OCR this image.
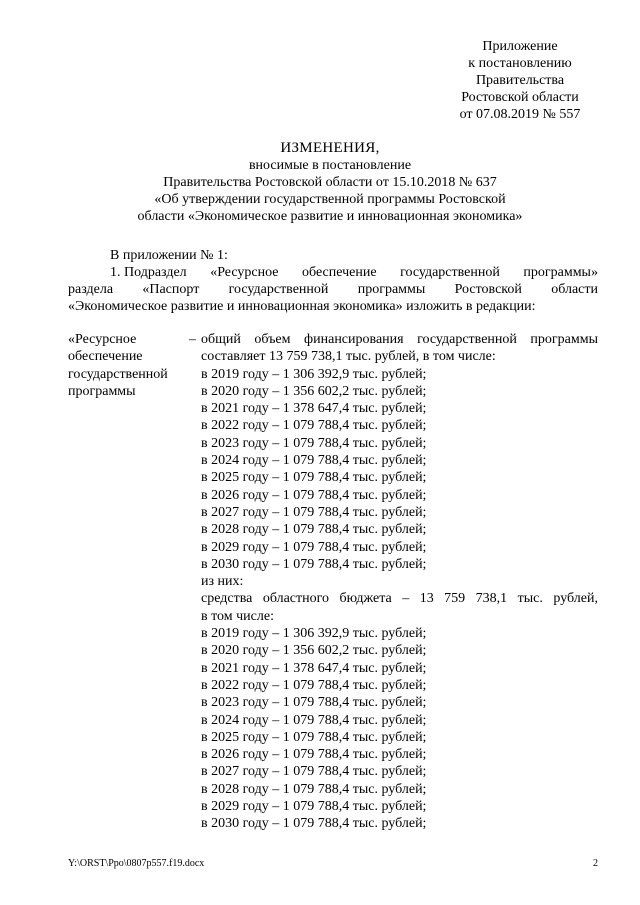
Приложение
к постановлению
Правительства
Ростовской области
от 07.08.2019 № 557
ИЗМЕНЕНИЯ,
вносимые в постановление
Правительства Ростовской области от 15.10.2018 № 637
«Об утверждении государственной программы Ростовской
области «Экономическое развитие и инновационная экономика»
В приложении № 1:
1. Подраздел «Ресурсное обеспечение государственной программы»
раздела «Паспорт государственной программы Ростовской области
«Экономическое развитие и инновационная экономика» изложить в редакции:
«Ресурсное
обеспечение
государственной
программы
– общий объем финансирования государственной программы
составляет 13 759 738,1 тыс. рублей, в том числе:
в 2019 году – 1 306 392,9 тыс. рублей;
в 2020 году – 1 356 602,2 тыс. рублей;
в 2021 году – 1 378 647,4 тыс. рублей;
в 2022 году – 1 079 788,4 тыс. рублей;
в 2023 году – 1 079 788,4 тыс. рублей;
в 2024 году – 1 079 788,4 тыс. рублей;
в 2025 году – 1 079 788,4 тыс. рублей;
в 2026 году – 1 079 788,4 тыс. рублей;
в 2027 году – 1 079 788,4 тыс. рублей;
в 2028 году – 1 079 788,4 тыс. рублей;
в 2029 году – 1 079 788,4 тыс. рублей;
в 2030 году – 1 079 788,4 тыс. рублей;
из них:
средства областного бюджета – 13 759 738,1 тыс. рублей,
в том числе:
в 2019 году – 1 306 392,9 тыс. рублей;
в 2020 году – 1 356 602,2 тыс. рублей;
в 2021 году – 1 378 647,4 тыс. рублей;
в 2022 году – 1 079 788,4 тыс. рублей;
в 2023 году – 1 079 788,4 тыс. рублей;
в 2024 году – 1 079 788,4 тыс. рублей;
в 2025 году – 1 079 788,4 тыс. рублей;
в 2026 году – 1 079 788,4 тыс. рублей;
в 2027 году – 1 079 788,4 тыс. рублей;
в 2028 году – 1 079 788,4 тыс. рублей;
в 2029 году – 1 079 788,4 тыс. рублей;
в 2030 году – 1 079 788,4 тыс. рублей;
Y:\ORST\Ppo\0807p557.f19.docx	2
